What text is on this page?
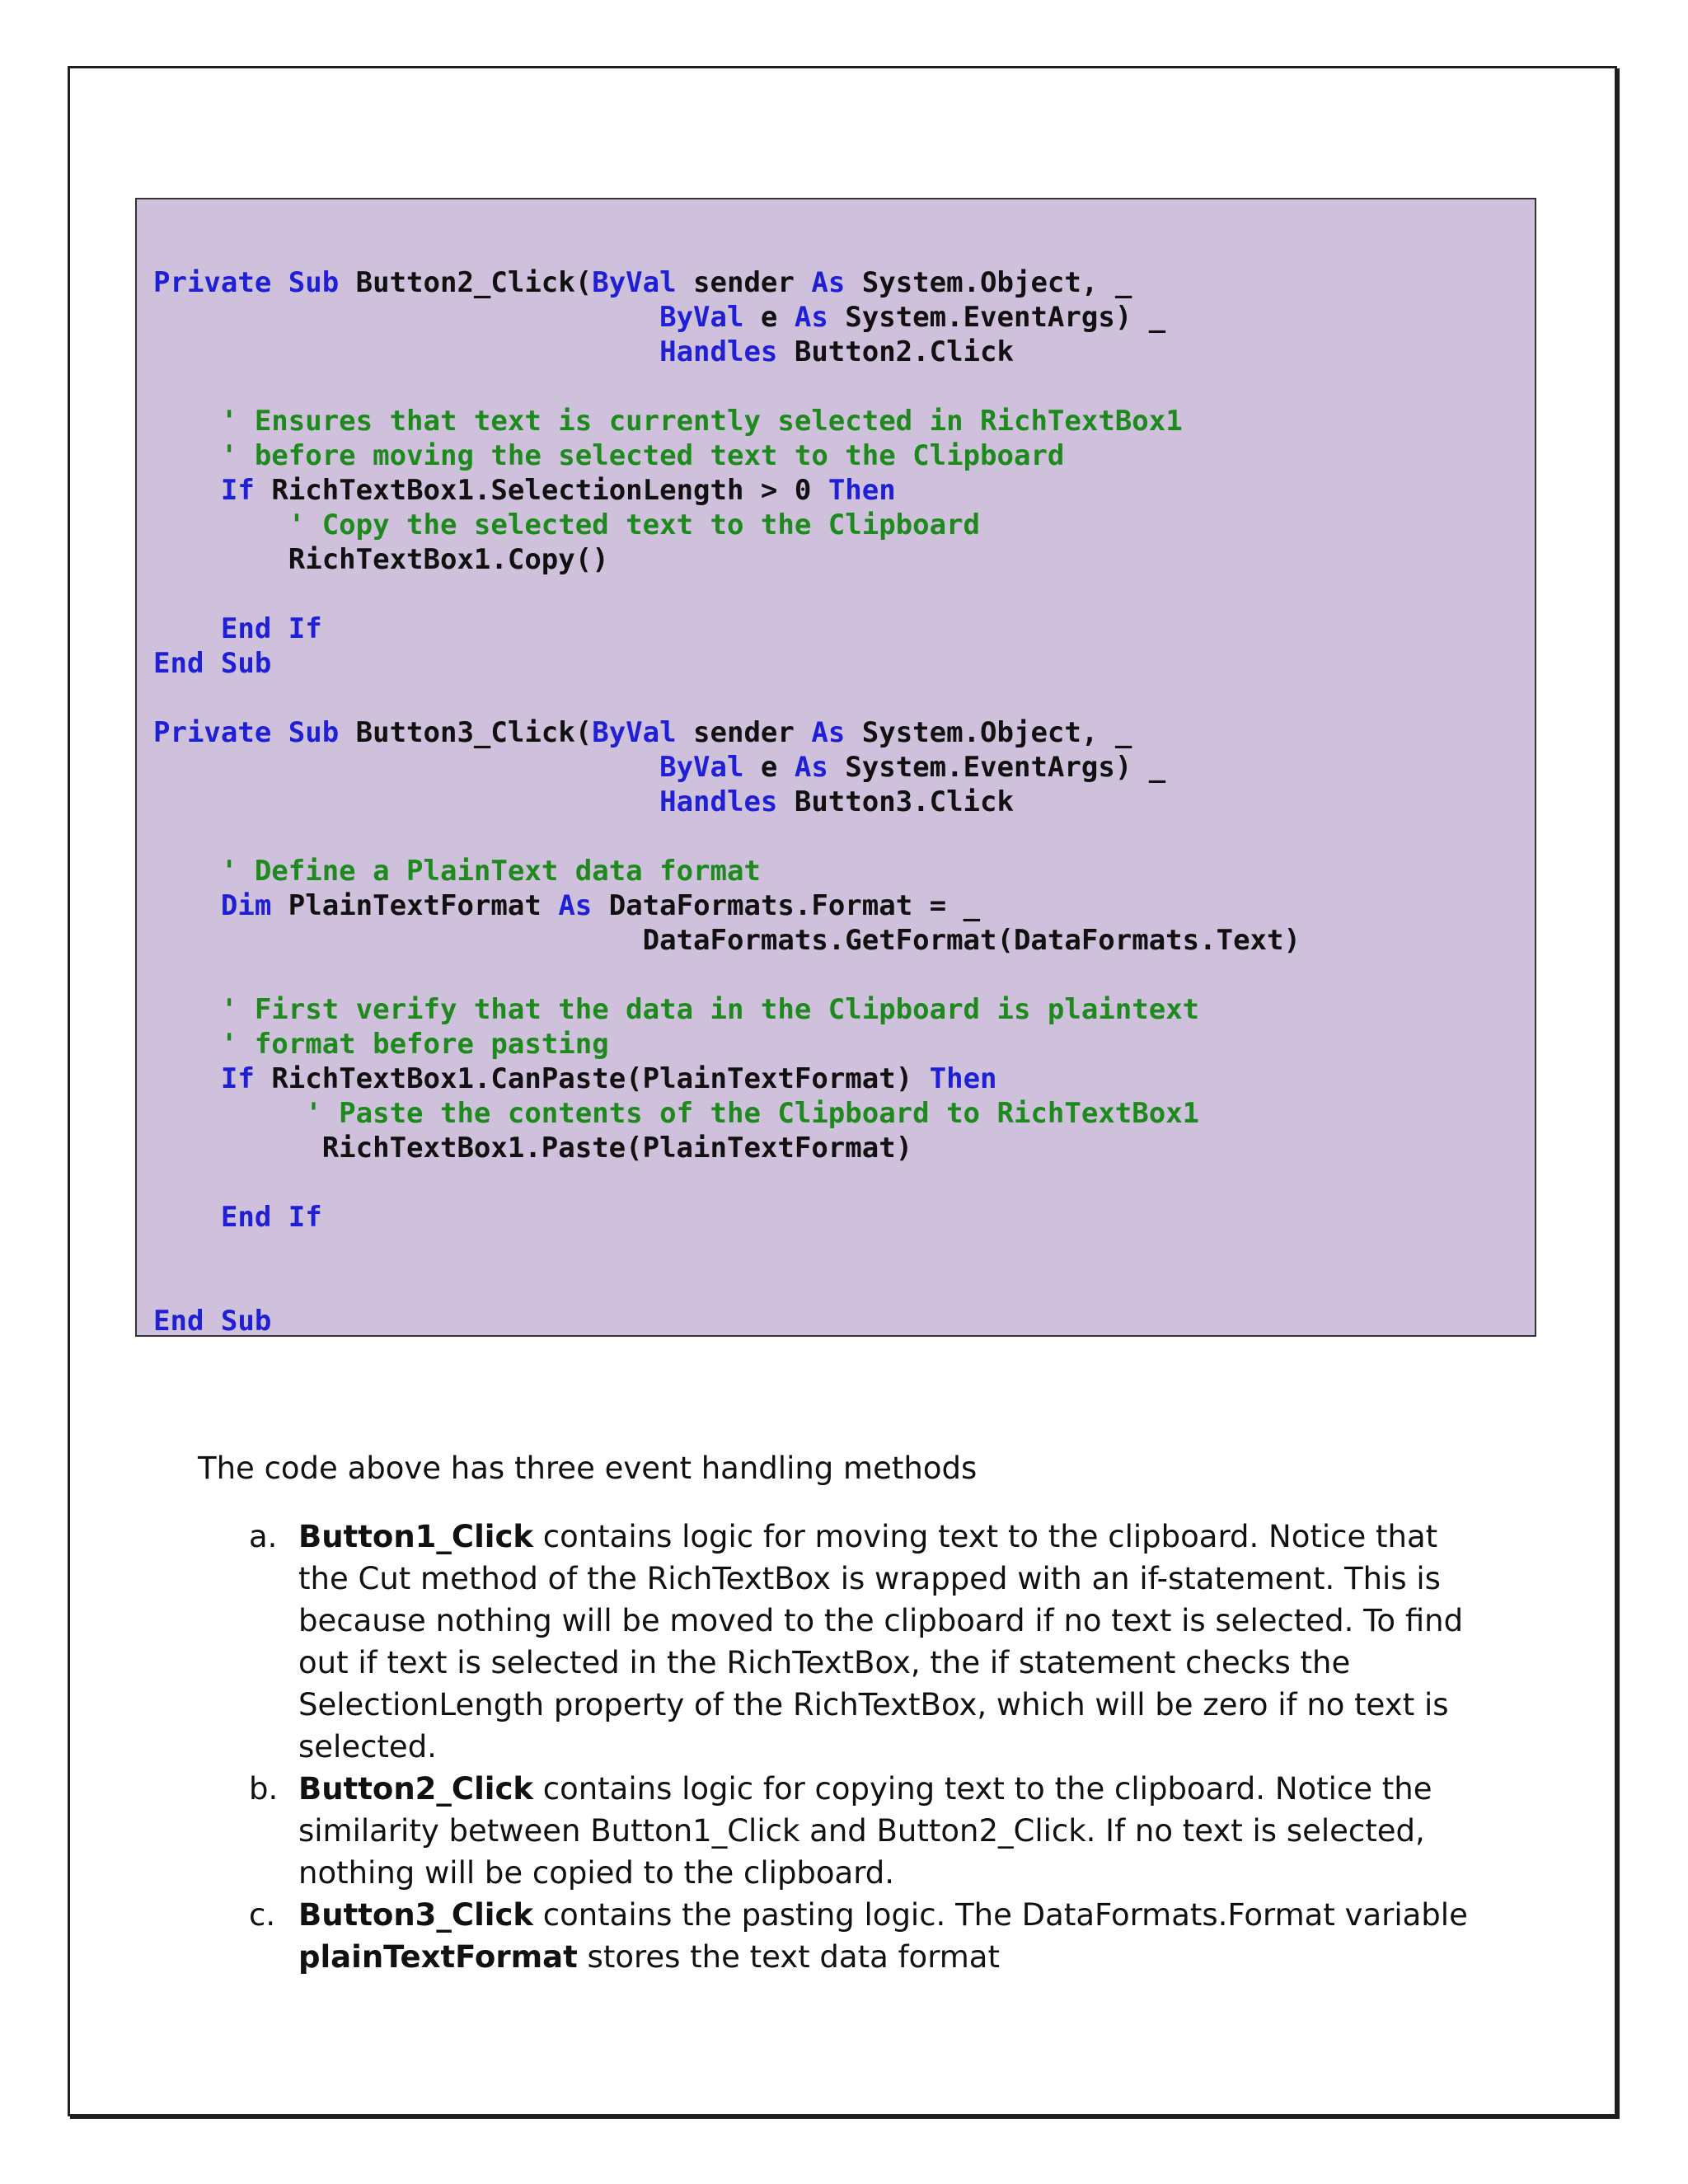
Private Sub Button2_Click(ByVal sender As System.Object, _
ByVal e As System.EventArgs) _
Handles Button2.Click
' Ensures that text is currently selected in RichTextBox1
' before moving the selected text to the Clipboard
If RichTextBox1.SelectionLength > 0 Then
' Copy the selected text to the Clipboard
RichTextBox1.Copy()
End If
End Sub
Private Sub Button3_Click(ByVal sender As System.Object, _
ByVal e As System.EventArgs) _
Handles Button3.Click
' Define a PlainText data format
Dim PlainTextFormat As DataFormats.Format = _
DataFormats.GetFormat(DataFormats.Text)
' First verify that the data in the Clipboard is plaintext
' format before pasting
If RichTextBox1.CanPaste(PlainTextFormat) Then
' Paste the contents of the Clipboard to RichTextBox1
RichTextBox1.Paste(PlainTextFormat)
End If
End Sub

The code above has three event handling methods

a. Button1_Click contains logic for moving text to the clipboard. Notice that the Cut method of the RichTextBox is wrapped with an if-statement. This is because nothing will be moved to the clipboard if no text is selected. To find out if text is selected in the RichTextBox, the if statement checks the SelectionLength property of the RichTextBox, which will be zero if no text is selected.
b. Button2_Click contains logic for copying text to the clipboard. Notice the similarity between Button1_Click and Button2_Click. If no text is selected, nothing will be copied to the clipboard.
c. Button3_Click contains the pasting logic. The DataFormats.Format variable plainTextFormat stores the text data format
